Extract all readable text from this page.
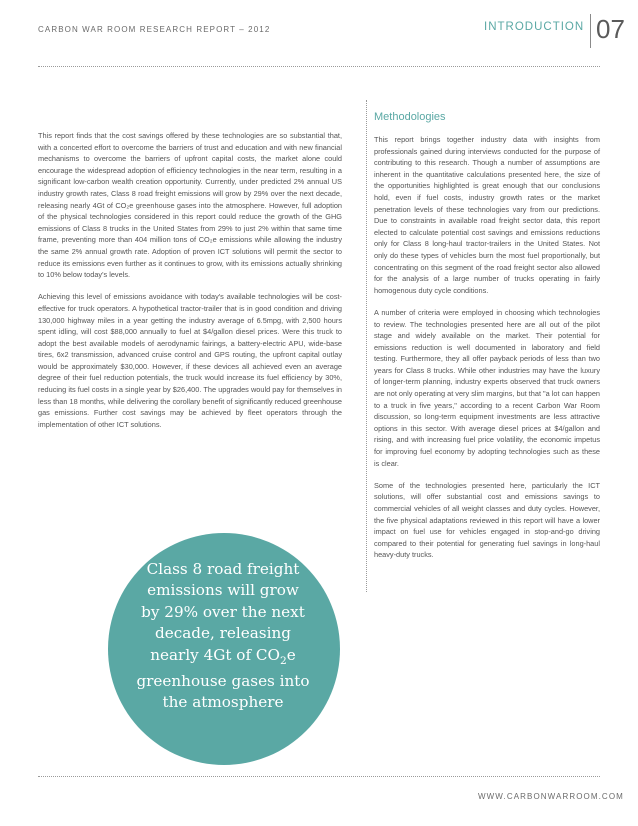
CARBON WAR ROOM RESEARCH REPORT – 2012	INTRODUCTION 07
Methodologies

This report finds that the cost savings offered by these technologies are so substantial that, with a concerted effort to overcome the barriers of trust and education and with new financial mechanisms to overcome the barriers of upfront capital costs, the market alone could encourage the widespread adoption of efficiency technologies in the near term, resulting in a significant low-carbon wealth creation opportunity. Currently, under predicted 2% annual US industry growth rates, Class 8 road freight emissions will grow by 29% over the next decade, releasing nearly 4Gt of CO₂e greenhouse gases into the atmosphere. However, full adoption of the physical technologies considered in this report could reduce the growth of the GHG emissions of Class 8 trucks in the United States from 29% to just 2% within that same time frame, preventing more than 404 million tons of CO₂e emissions while allowing the industry the same 2% annual growth rate. Adoption of proven ICT solutions will permit the sector to reduce its emissions even further as it continues to grow, with its emissions actually shrinking to 10% below today's levels.

Achieving this level of emissions avoidance with today's available technologies will be cost-effective for truck operators. A hypothetical tractor-trailer that is in good condition and driving 130,000 highway miles in a year getting the industry average of 6.5mpg, with 2,500 hours spent idling, will cost $88,000 annually to fuel at $4/gallon diesel prices. Were this truck to adopt the best available models of aerodynamic fairings, a battery-electric APU, wide-base tires, 6x2 transmission, advanced cruise control and GPS routing, the upfront capital outlay would be approximately $30,000. However, if these devices all achieved even an average degree of their fuel reduction potentials, the truck would increase its fuel efficiency by 30%, reducing its fuel costs in a single year by $26,400. The upgrades would pay for themselves in less than 18 months, while delivering the corollary benefit of significantly reduced greenhouse gas emissions. Further cost savings may be achieved by fleet operators through the implementation of other ICT solutions.

This report brings together industry data with insights from professionals gained during interviews conducted for the purpose of contributing to this research. Though a number of assumptions are inherent in the quantitative calculations presented here, the size of the opportunities highlighted is great enough that our conclusions hold, even if fuel costs, industry growth rates or the market penetration levels of these technologies vary from our predictions. Due to constraints in available road freight sector data, this report elected to calculate potential cost savings and emissions reductions only for Class 8 long-haul tractor-trailers in the United States. Not only do these types of vehicles burn the most fuel proportionally, but concentrating on this segment of the road freight sector also allowed for the analysis of a large number of trucks operating in fairly homogenous duty cycle conditions.

A number of criteria were employed in choosing which technologies to review. The technologies presented here are all out of the pilot stage and widely available on the market. Their potential for emissions reduction is well documented in laboratory and field testing. Furthermore, they all offer payback periods of less than two years for Class 8 trucks. While other industries may have the luxury of longer-term planning, industry experts observed that truck owners are not only operating at very slim margins, but that "a lot can happen to a truck in five years," according to a recent Carbon War Room discussion, so long-term equipment investments are less attractive options in this sector. With average diesel prices at $4/gallon and rising, and with increasing fuel price volatility, the economic impetus for improving fuel economy by adopting technologies such as these is clear.

Some of the technologies presented here, particularly the ICT solutions, will offer substantial cost and emissions savings to commercial vehicles of all weight classes and duty cycles. However, the five physical adaptations reviewed in this report will have a lower impact on fuel use for vehicles engaged in stop-and-go driving compared to their potential for generating fuel savings in long-haul heavy-duty trucks.

Class 8 road freight
emissions will grow
by 29% over the next
decade, releasing
nearly 4Gt of $CO_2e$
greenhouse gases into
the atmosphere
WWW.CARBONWARROOM.COM
